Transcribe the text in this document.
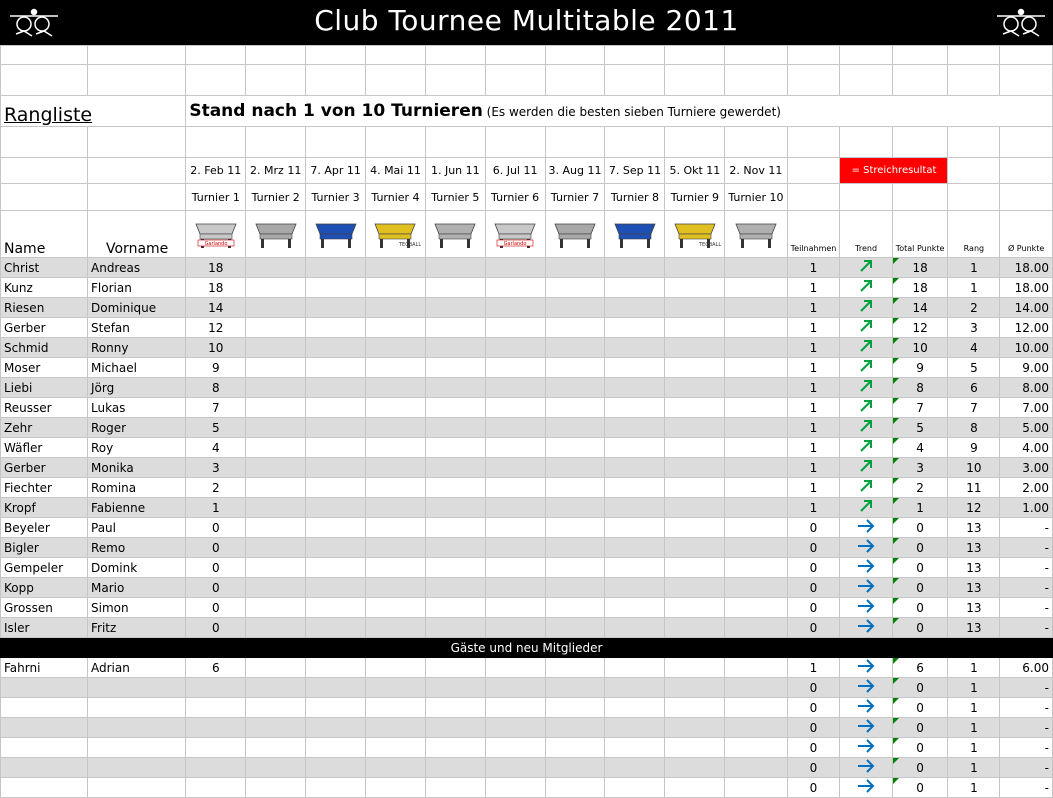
Club Tournee Multitable 2011

Rangliste		Stand nach 1 von 10 Turnieren (Es werden die besten sieben Turniere gewerdet)														

		2. Feb 11	2. Mrz 11	7. Apr 11	4. Mai 11	1. Jun 11	6. Jul 11	3. Aug 11	7. Sep 11	5. Okt 11	2. Nov 11		= Streichresultat			
		Turnier 1	Turnier 2	Turnier 3	Turnier 4	Turnier 5	Turnier 6	Turnier 7	Turnier 8	Turnier 9	Turnier 10					
Name	Vorname	Garlando			TECBALL		Garlando			TECBALL		Teilnahmen	Trend	Total Punkte	Rang	Ø Punkte
Christ	Andreas	18										1		18	1	18.00
Kunz	Florian	18										1		18	1	18.00
Riesen	Dominique	14										1		14	2	14.00
Gerber	Stefan	12										1		12	3	12.00
Schmid	Ronny	10										1		10	4	10.00
Moser	Michael	9										1		9	5	9.00
Liebi	Jörg	8										1		8	6	8.00
Reusser	Lukas	7										1		7	7	7.00
Zehr	Roger	5										1		5	8	5.00
Wäfler	Roy	4										1		4	9	4.00
Gerber	Monika	3										1		3	10	3.00
Fiechter	Romina	2										1		2	11	2.00
Kropf	Fabienne	1										1		1	12	1.00
Beyeler	Paul	0										0		0	13	-
Bigler	Remo	0										0		0	13	-
Gempeler	Domink	0										0		0	13	-
Kopp	Mario	0										0		0	13	-
Grossen	Simon	0										0		0	13	-
Isler	Fritz	0										0		0	13	-
Gäste und neu Mitglieder																
Fahrni	Adrian	6										1		6	1	6.00
												0		0	1	-
												0		0	1	-
												0		0	1	-
												0		0	1	-
												0		0	1	-
												0		0	1	-
